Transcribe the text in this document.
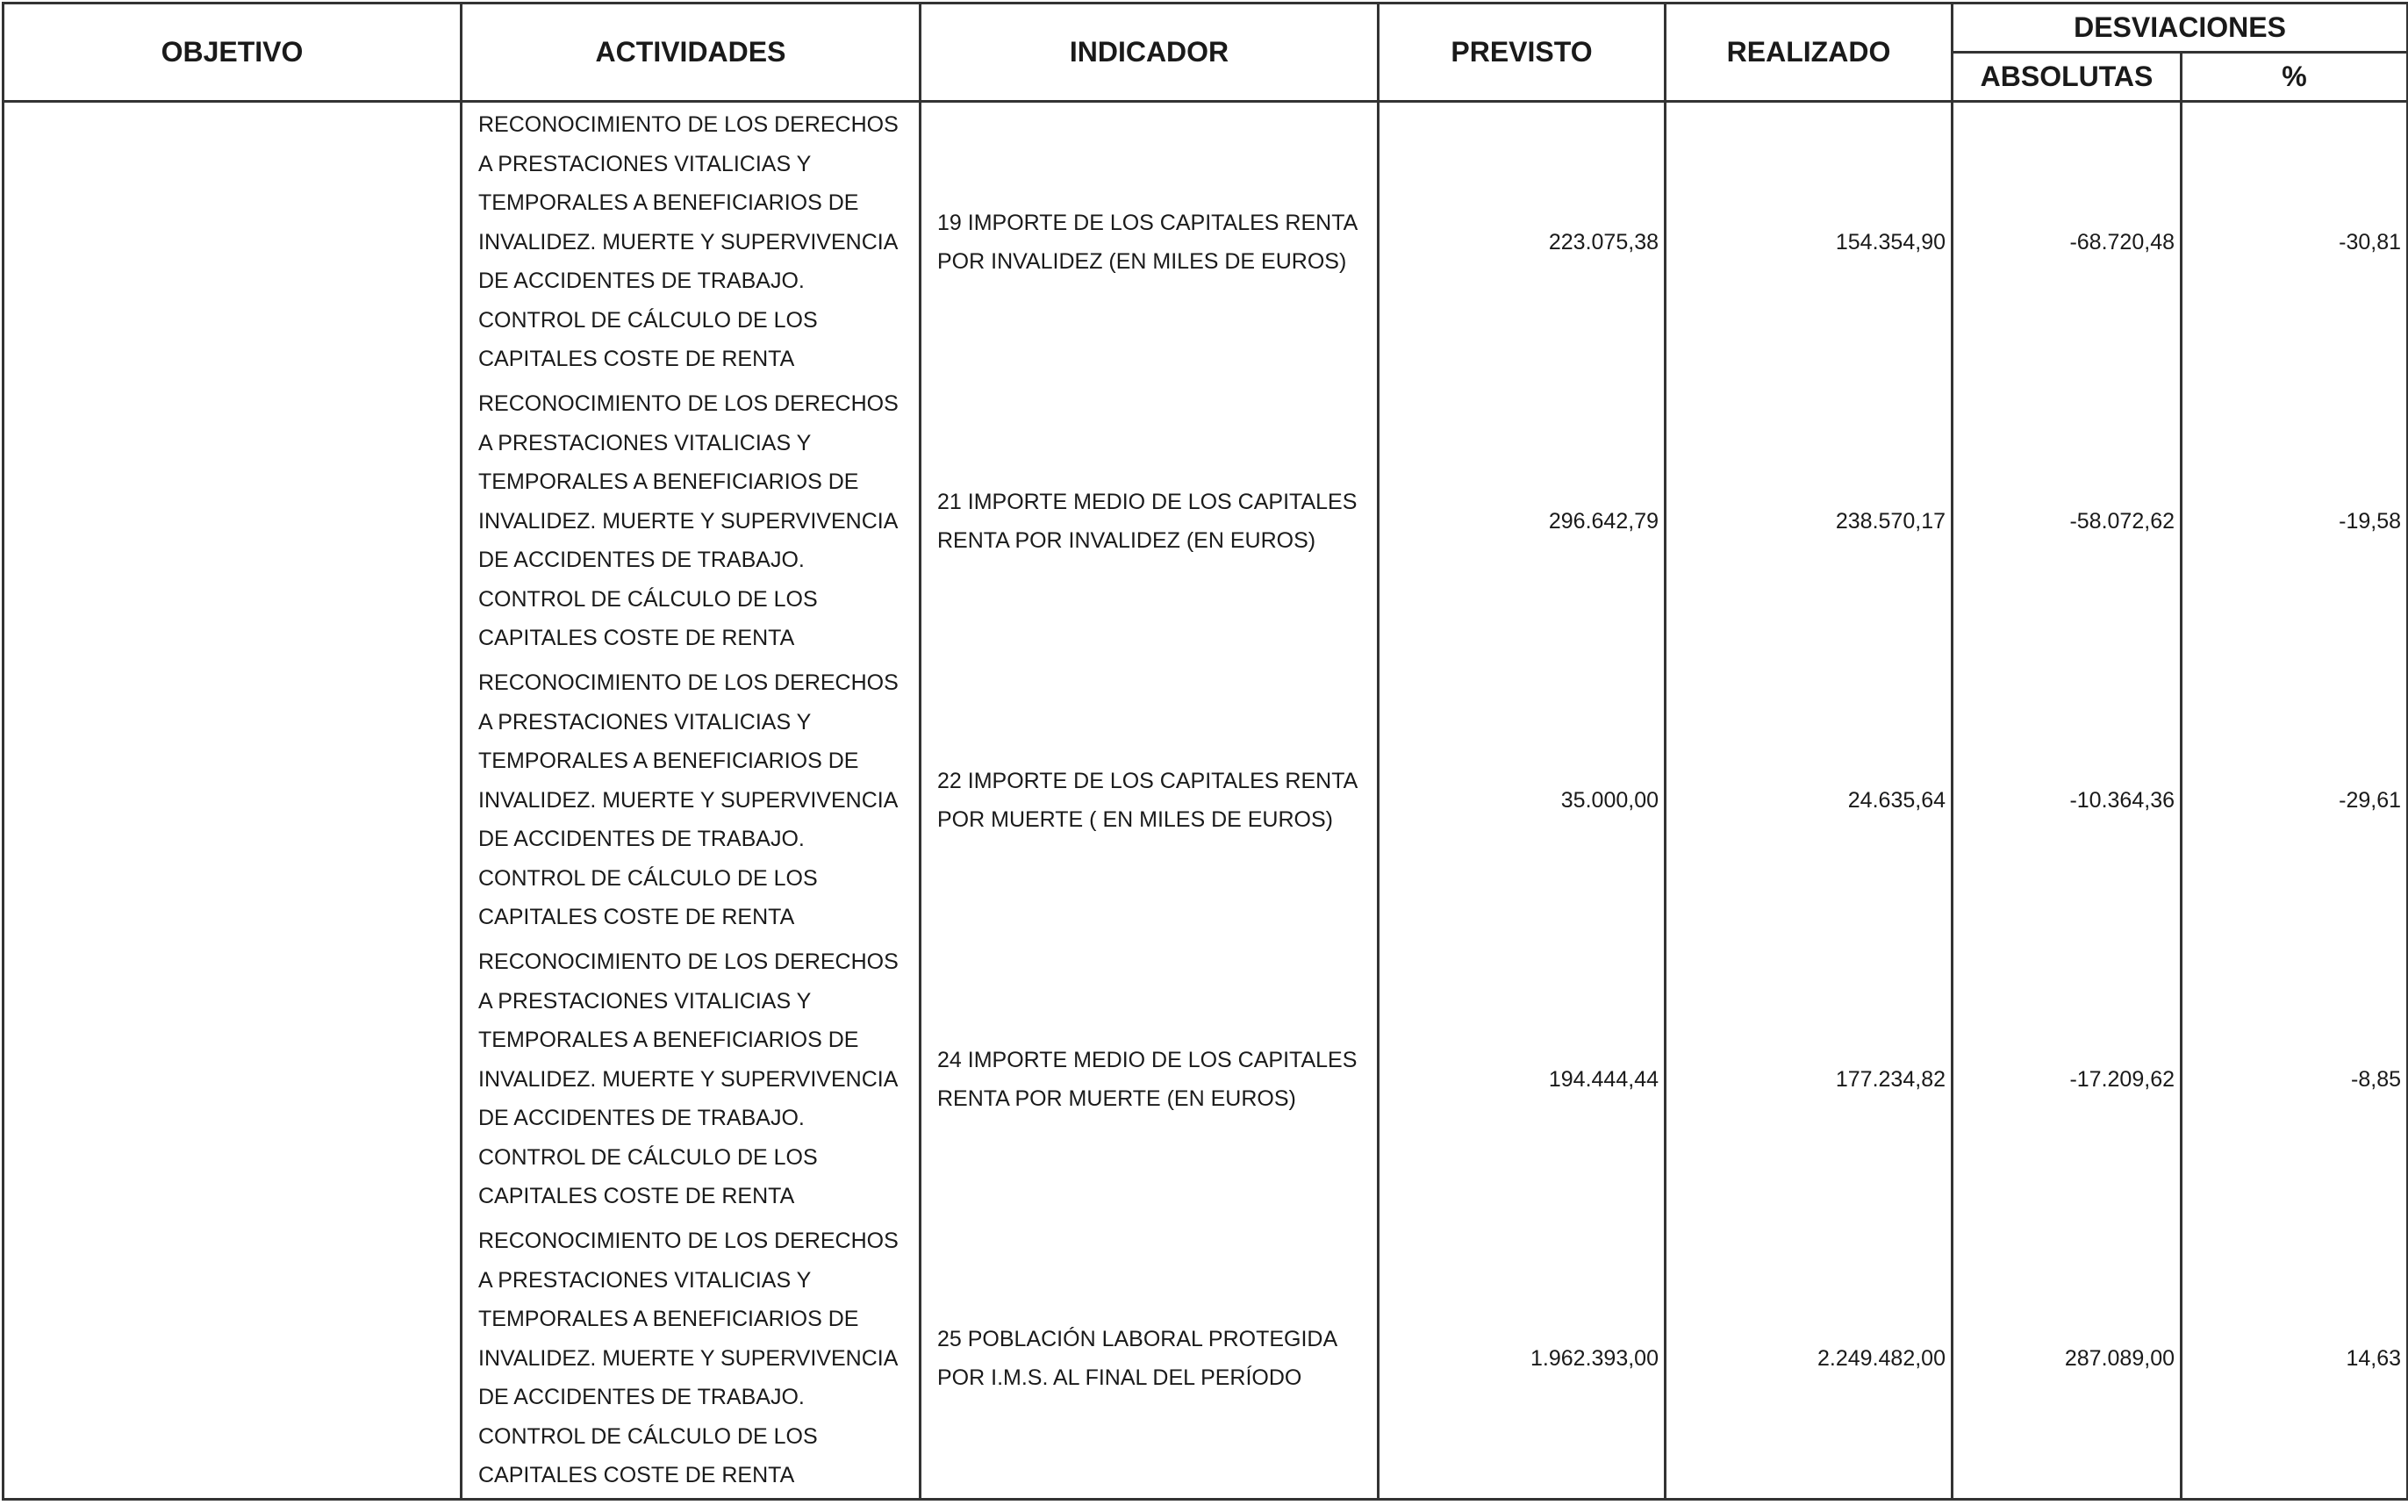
OBJETIVO	ACTIVIDADES	INDICADOR	PREVISTO	REALIZADO	DESVIACIONES	
					ABSOLUTAS	%
	RECONOCIMIENTO DE LOS DERECHOS A PRESTACIONES VITALICIAS Y TEMPORALES A BENEFICIARIOS DE INVALIDEZ. MUERTE Y SUPERVIVENCIA DE ACCIDENTES DE TRABAJO. CONTROL DE CÁLCULO DE LOS CAPITALES COSTE DE RENTA	19 IMPORTE DE LOS CAPITALES RENTA POR INVALIDEZ (EN MILES DE EUROS)	223.075,38	154.354,90	-68.720,48	-30,81
	RECONOCIMIENTO DE LOS DERECHOS A PRESTACIONES VITALICIAS Y TEMPORALES A BENEFICIARIOS DE INVALIDEZ. MUERTE Y SUPERVIVENCIA DE ACCIDENTES DE TRABAJO. CONTROL DE CÁLCULO DE LOS CAPITALES COSTE DE RENTA	21 IMPORTE MEDIO DE LOS CAPITALES RENTA POR INVALIDEZ (EN EUROS)	296.642,79	238.570,17	-58.072,62	-19,58
	RECONOCIMIENTO DE LOS DERECHOS A PRESTACIONES VITALICIAS Y TEMPORALES A BENEFICIARIOS DE INVALIDEZ. MUERTE Y SUPERVIVENCIA DE ACCIDENTES DE TRABAJO. CONTROL DE CÁLCULO DE LOS CAPITALES COSTE DE RENTA	22 IMPORTE DE LOS CAPITALES RENTA POR MUERTE ( EN MILES DE EUROS)	35.000,00	24.635,64	-10.364,36	-29,61
	RECONOCIMIENTO DE LOS DERECHOS A PRESTACIONES VITALICIAS Y TEMPORALES A BENEFICIARIOS DE INVALIDEZ. MUERTE Y SUPERVIVENCIA DE ACCIDENTES DE TRABAJO. CONTROL DE CÁLCULO DE LOS CAPITALES COSTE DE RENTA	24 IMPORTE MEDIO DE LOS CAPITALES RENTA POR MUERTE (EN EUROS)	194.444,44	177.234,82	-17.209,62	-8,85
	RECONOCIMIENTO DE LOS DERECHOS A PRESTACIONES VITALICIAS Y TEMPORALES A BENEFICIARIOS DE INVALIDEZ. MUERTE Y SUPERVIVENCIA DE ACCIDENTES DE TRABAJO. CONTROL DE CÁLCULO DE LOS CAPITALES COSTE DE RENTA	25 POBLACIÓN LABORAL PROTEGIDA POR I.M.S. AL FINAL DEL PERÍODO	1.962.393,00	2.249.482,00	287.089,00	14,63
